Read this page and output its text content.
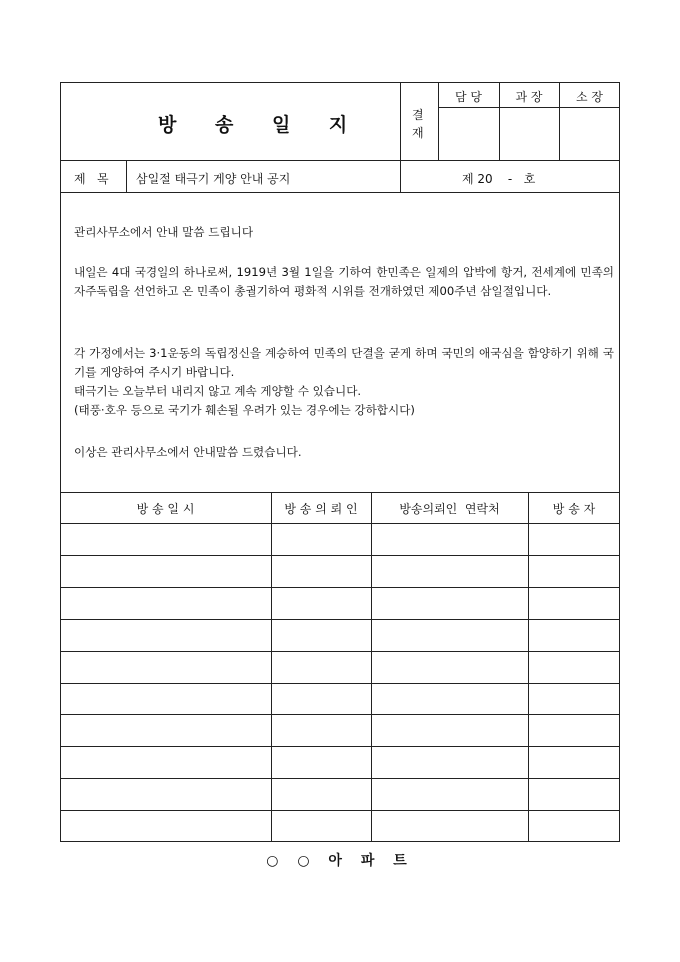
방 송 일 지	결
재
담 당	과 장	소 장
제   목 삼일절 태극기 게양 안내 공지	제 20    -   호

관리사무소에서 안내 말씀 드립니다

내일은 4대 국경일의 하나로써, 1919년 3월 1일을 기하여 한민족은 일제의 압박에 항거, 전세계에 민족의 자주독립을 선언하고 온 민족이 총궐기하여 평화적 시위를 전개하였던 제00주년 삼일절입니다.

각 가정에서는 3·1운동의 독립정신을 계승하여 민족의 단결을 굳게 하며 국민의 애국심을 함양하기 위해 국기를 게양하여 주시기 바랍니다.

태극기는 오늘부터 내리지 않고 계속 게양할 수 있습니다.

(태풍·호우 등으로 국기가 훼손될 우려가 있는 경우에는 강하합시다)

이상은 관리사무소에서 안내말씀 드렸습니다.

방 송 일 시	방 송 의 뢰 인	방송의뢰인  연락처	방 송 자
○ ○ 아 파 트
